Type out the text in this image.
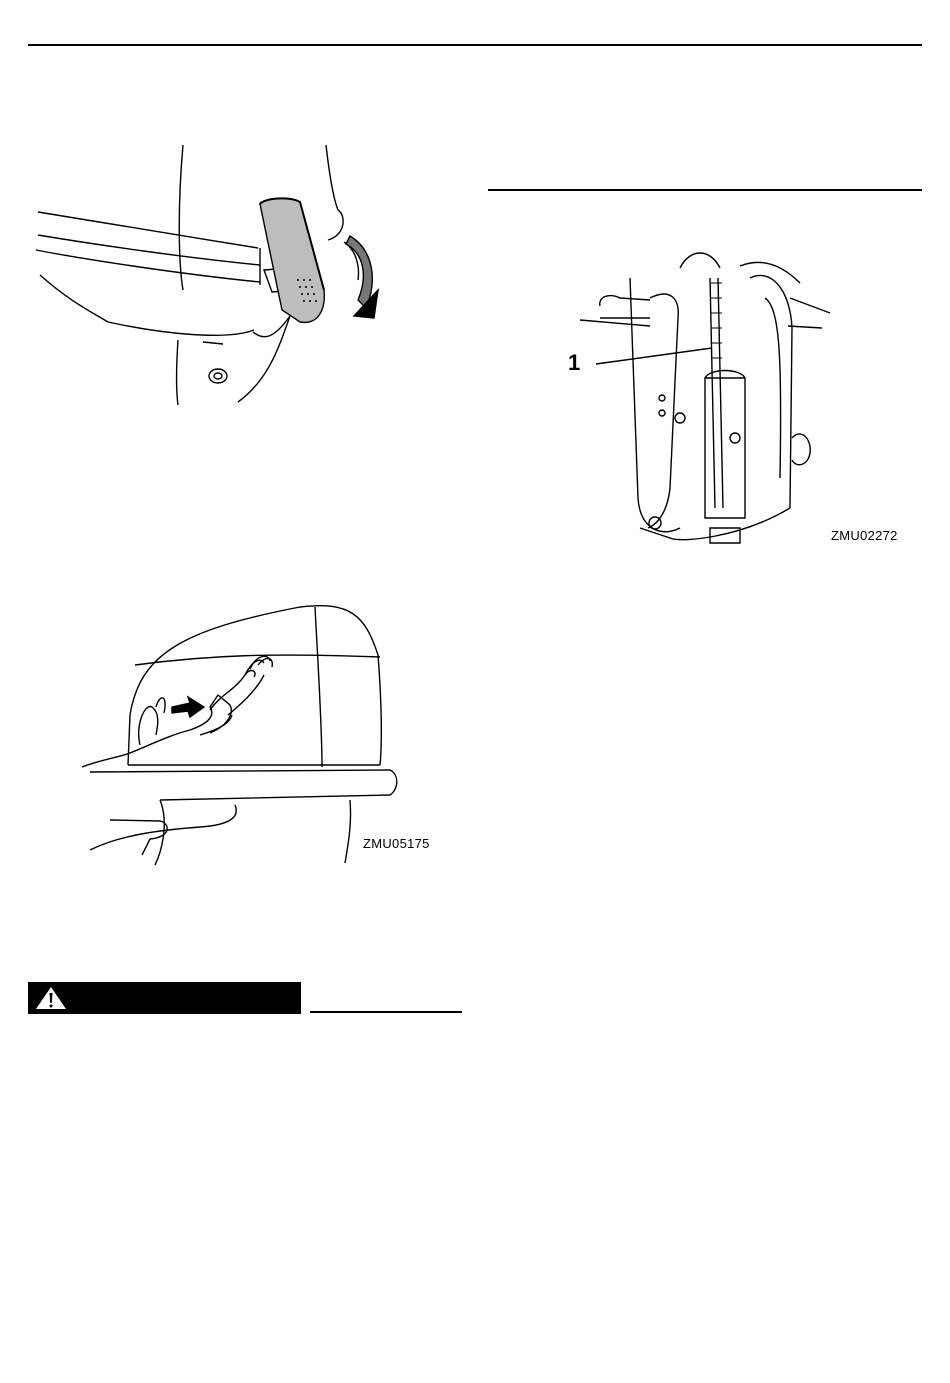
ZMU05175
1
ZMU02272
